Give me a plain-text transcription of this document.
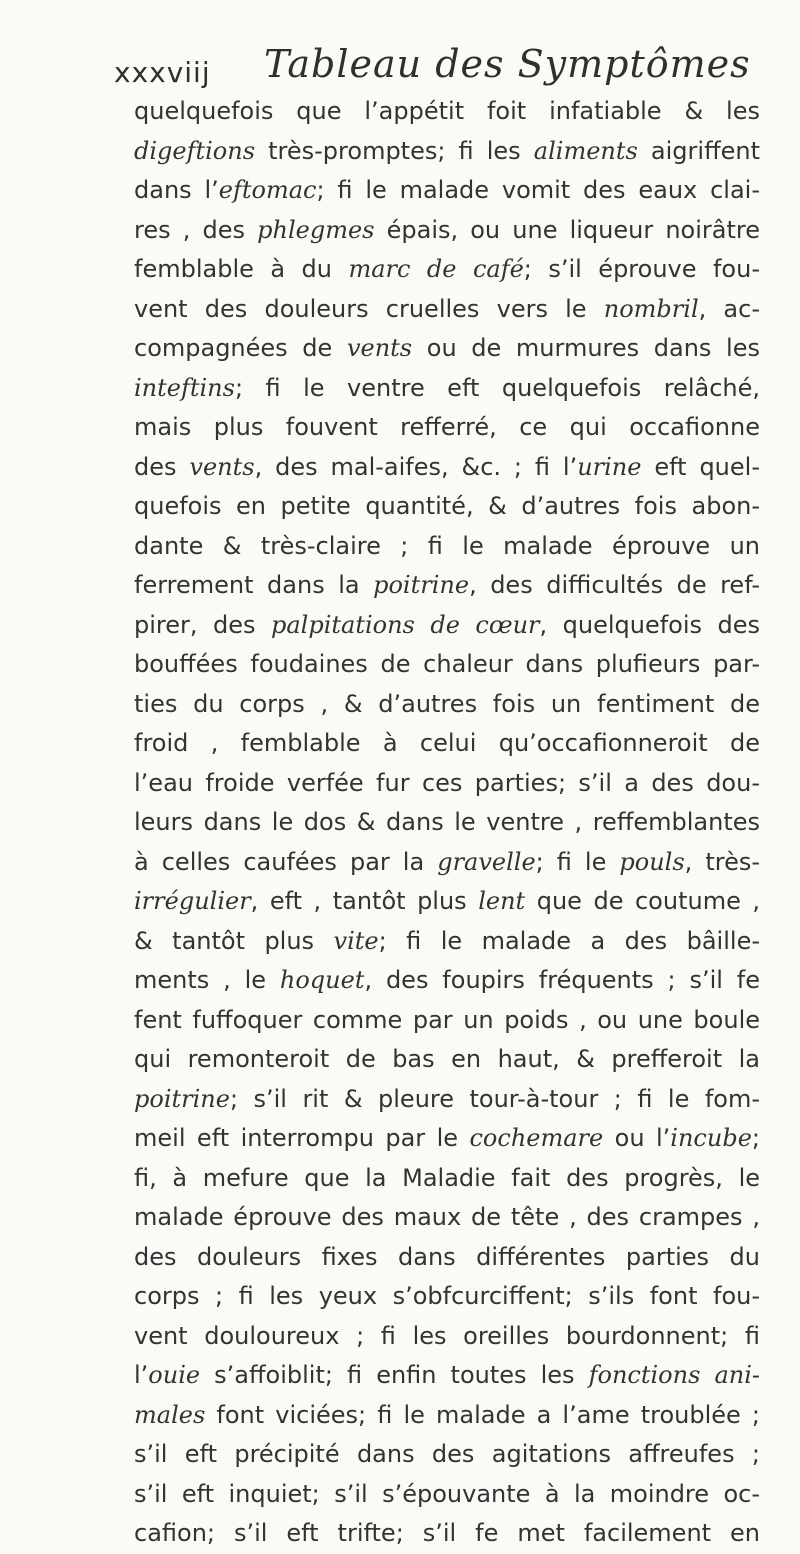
xxxviij Tableau des Symptômes
quelquefois que l’appétit foit infatiable & les
digeftions très-promptes; fi les aliments aigriffent
dans l’eftomac; fi le malade vomit des eaux clai-
res , des phlegmes épais, ou une liqueur noirâtre
femblable à du marc de café; s’il éprouve fou-
vent des douleurs cruelles vers le nombril, ac-
compagnées de vents ou de murmures dans les
inteftins; fi le ventre eft quelquefois relâché,
mais plus fouvent refferré, ce qui occafionne
des vents, des mal-aifes, &c. ; fi l’urine eft quel-
quefois en petite quantité, & d’autres fois abon-
dante & très-claire ; fi le malade éprouve un
ferrement dans la poitrine, des difficultés de ref-
pirer, des palpitations de cœur, quelquefois des
bouffées foudaines de chaleur dans plufieurs par-
ties du corps , & d’autres fois un fentiment de
froid , femblable à celui qu’occafionneroit de
l’eau froide verfée fur ces parties; s’il a des dou-
leurs dans le dos & dans le ventre , reffemblantes
à celles caufées par la gravelle; fi le pouls, très-
irrégulier, eft , tantôt plus lent que de coutume ,
& tantôt plus vite; fi le malade a des bâille-
ments , le hoquet, des foupirs fréquents ; s’il fe
fent fuffoquer comme par un poids , ou une boule
qui remonteroit de bas en haut, & prefferoit la
poitrine; s’il rit & pleure tour-à-tour ; fi le fom-
meil eft interrompu par le cochemare ou l’incube;
fi, à mefure que la Maladie fait des progrès, le
malade éprouve des maux de tête , des crampes ,
des douleurs fixes dans différentes parties du
corps ; fi les yeux s’obfcurciffent; s’ils font fou-
vent douloureux ; fi les oreilles bourdonnent; fi
l’ouie s’affoiblit; fi enfin toutes les fonctions ani-
males font viciées; fi le malade a l’ame troublée ;
s’il eft précipité dans des agitations affreufes ;
s’il eft inquiet; s’il s’épouvante à la moindre oc-
cafion; s’il eft trifte; s’il fe met facilement en
